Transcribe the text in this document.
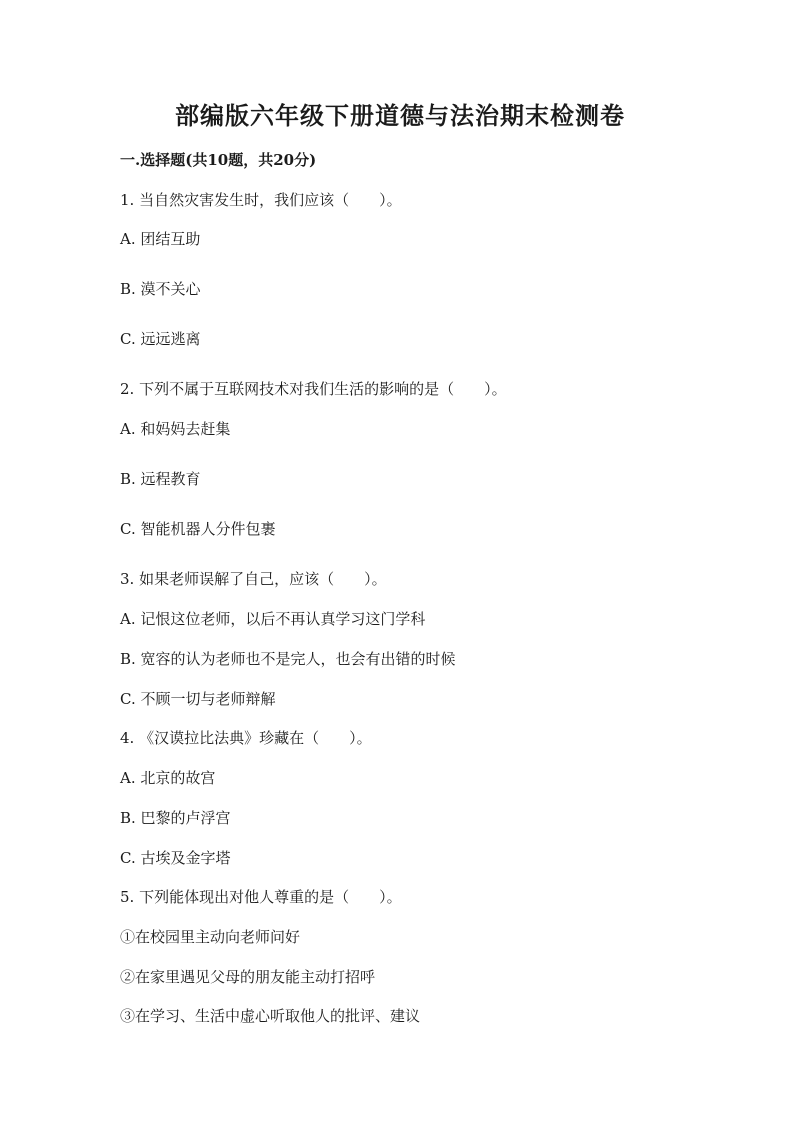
部编版六年级下册道德与法治期末检测卷
一.选择题(共10题，共20分)
1. 当自然灾害发生时，我们应该（　　）。
A. 团结互助
B. 漠不关心
C. 远远逃离
2. 下列不属于互联网技术对我们生活的影响的是（　　）。
A. 和妈妈去赶集
B. 远程教育
C. 智能机器人分件包裹
3. 如果老师误解了自己，应该（　　）。
A. 记恨这位老师，以后不再认真学习这门学科
B. 宽容的认为老师也不是完人，也会有出错的时候
C. 不顾一切与老师辩解
4. 《汉谟拉比法典》珍藏在（　　）。
A. 北京的故宫
B. 巴黎的卢浮宫
C. 古埃及金字塔
5. 下列能体现出对他人尊重的是（　　）。
①在校园里主动向老师问好
②在家里遇见父母的朋友能主动打招呼
③在学习、生活中虚心听取他人的批评、建议
